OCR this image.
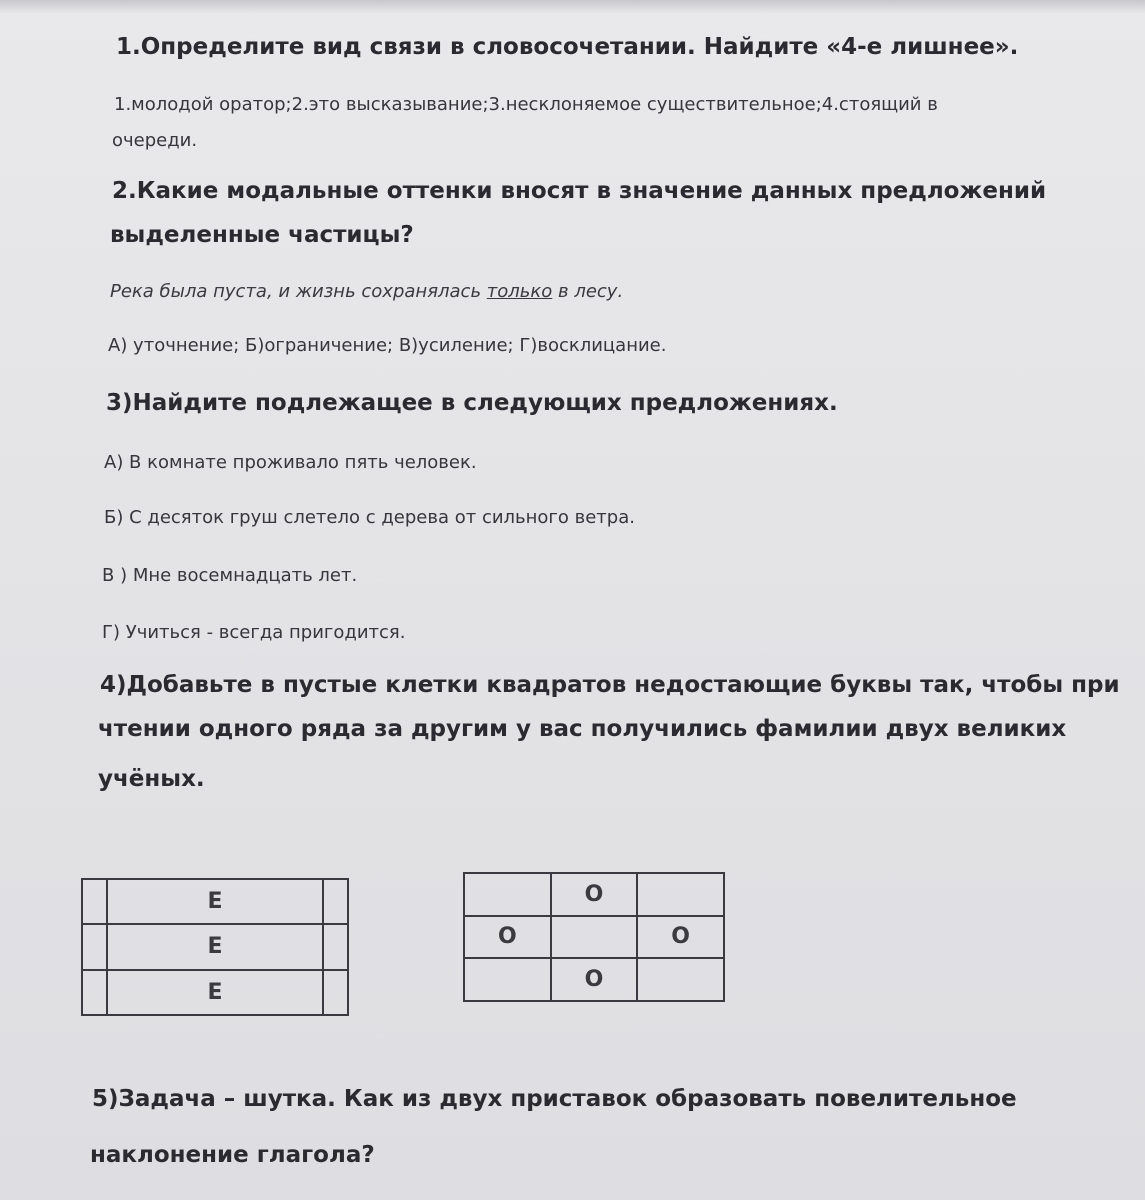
1.Определите вид связи в словосочетании. Найдите «4-е лишнее».
1.молодой оратор;2.это высказывание;3.несклоняемое существительное;4.стоящий в
очереди.
2.Какие модальные оттенки вносят в значение данных предложений
выделенные частицы?
Река была пуста, и жизнь сохранялась только в лесу.
А) уточнение; Б)ограничение; В)усиление; Г)восклицание.
3)Найдите подлежащее в следующих предложениях.
А) В комнате проживало пять человек.
Б) С десяток груш слетело с дерева от сильного ветра.
В ) Мне восемнадцать лет.
Г) Учиться - всегда пригодится.
4)Добавьте в пустые клетки квадратов недостающие буквы так, чтобы при
чтении одного ряда за другим у вас получились фамилии двух великих
учёных.
	Е	
	Е	
	Е	
	О	
О		О
	О	
5)Задача – шутка. Как из двух приставок образовать повелительное
наклонение глагола?
